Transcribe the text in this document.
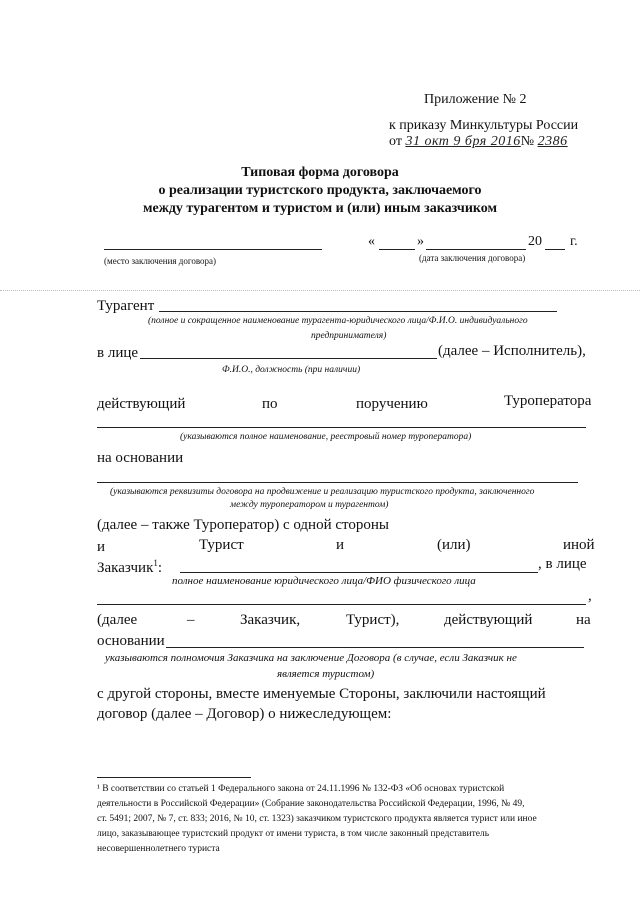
Приложение № 2
к приказу Минкультуры России
от 31 окт 9 бря 2016№ 2386
Типовая форма договора
о реализации туристского продукта, заключаемого
между турагентом и туристом и (или) иным заказчиком
«	»	20 г.
(место заключения договора)	(дата заключения договора)
Турагент
(полное и сокращенное наименование турагента-юридического лица/Ф.И.О. индивидуального
предпринимателя)
в лице	(далее – Исполнитель),
Ф.И.О., должность (при наличии)
действующий	по	поручению	Туроператора
(указываются полное наименование, реестровый номер туроператора)
на основании
(указываются реквизиты договора на продвижение и реализацию туристского продукта, заключенного
между туроператором и турагентом)
(далее – также Туроператор) с одной стороны
и	Турист	и	(или)	иной
Заказчик$^1$:	, в лице
полное наименование юридического лица/ФИО физического лица
,
(далее	–	Заказчик,	Турист),	действующий	на
основании
указываются полномочия Заказчика на заключение Договора (в случае, если Заказчик не
является туристом)
с другой стороны, вместе именуемые Стороны, заключили настоящий
договор (далее – Договор) о нижеследующем:
¹ В соответствии со статьей 1 Федерального закона от 24.11.1996 № 132-ФЗ «Об основах туристской
деятельности в Российской Федерации» (Собрание законодательства Российской Федерации, 1996, № 49,
ст. 5491; 2007, № 7, ст. 833; 2016, № 10, ст. 1323) заказчиком туристского продукта является турист или иное
лицо, заказывающее туристский продукт от имени туриста, в том числе законный представитель
несовершеннолетнего туриста
